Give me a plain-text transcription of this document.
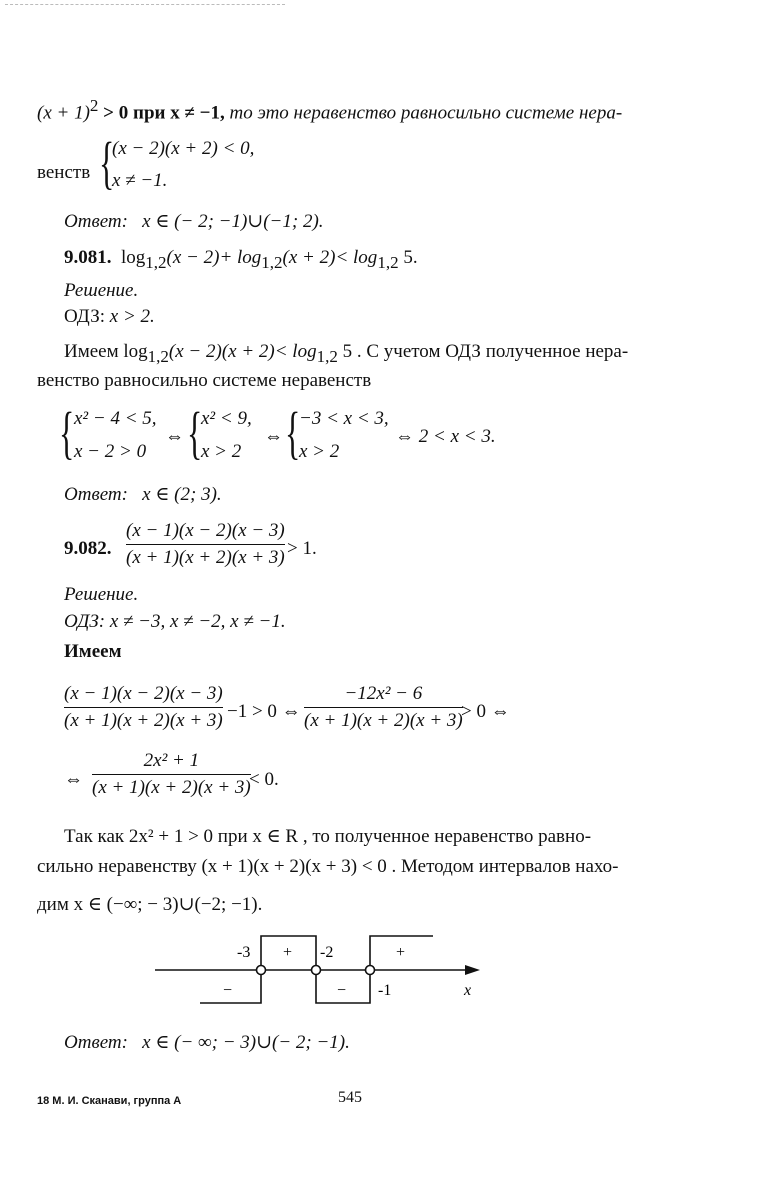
$(x + 1)^2 > 0$ при x ≠ −1, то это неравенство равносильно системе нера-
венств {
(x − 2)(x + 2) < 0,
x ≠ −1.
Ответ: x ∈ (− 2; −1)∪(−1; 2).
9.081. $\log_{1,2}(x - 2)+ \log_{1,2}(x + 2)< \log_{1,2} 5$.
Решение.
ОДЗ: x > 2.
Имеем $\log_{1,2}(x - 2)(x + 2)< \log_{1,2} 5$ . С учетом ОДЗ полученное нера-
венство равносильно системе неравенств
{ x² − 4 < 5,
x − 2 > 0
⇔ {
x² < 9,
x > 2
⇔ {
−3 < x < 3,
x > 2
⇔ 2 < x < 3.
Ответ: x ∈ (2; 3).
9.082.
(x − 1)(x − 2)(x − 3)
(x + 1)(x + 2)(x + 3) > 1.
Решение.
ОДЗ: x ≠ −3, x ≠ −2, x ≠ −1.
Имеем
(x − 1)(x − 2)(x − 3)
(x + 1)(x + 2)(x + 3) −1 > 0 ⇔
−12x² − 6
(x + 1)(x + 2)(x + 3)
> 0 ⇔
⇔
2x² + 1
(x + 1)(x + 2)(x + 3)
< 0.
Так как 2x² + 1 > 0 при x ∈ R , то полученное неравенство равно-
сильно неравенству (x + 1)(x + 2)(x + 3) < 0 . Методом интервалов нахо-
дим x ∈ (−∞; − 3)∪(−2; −1).
-3	-2
-1
+	+
−	−	x
Ответ: x ∈ (− ∞; − 3)∪(− 2; −1).
18 М. И. Сканави, группа А	545
